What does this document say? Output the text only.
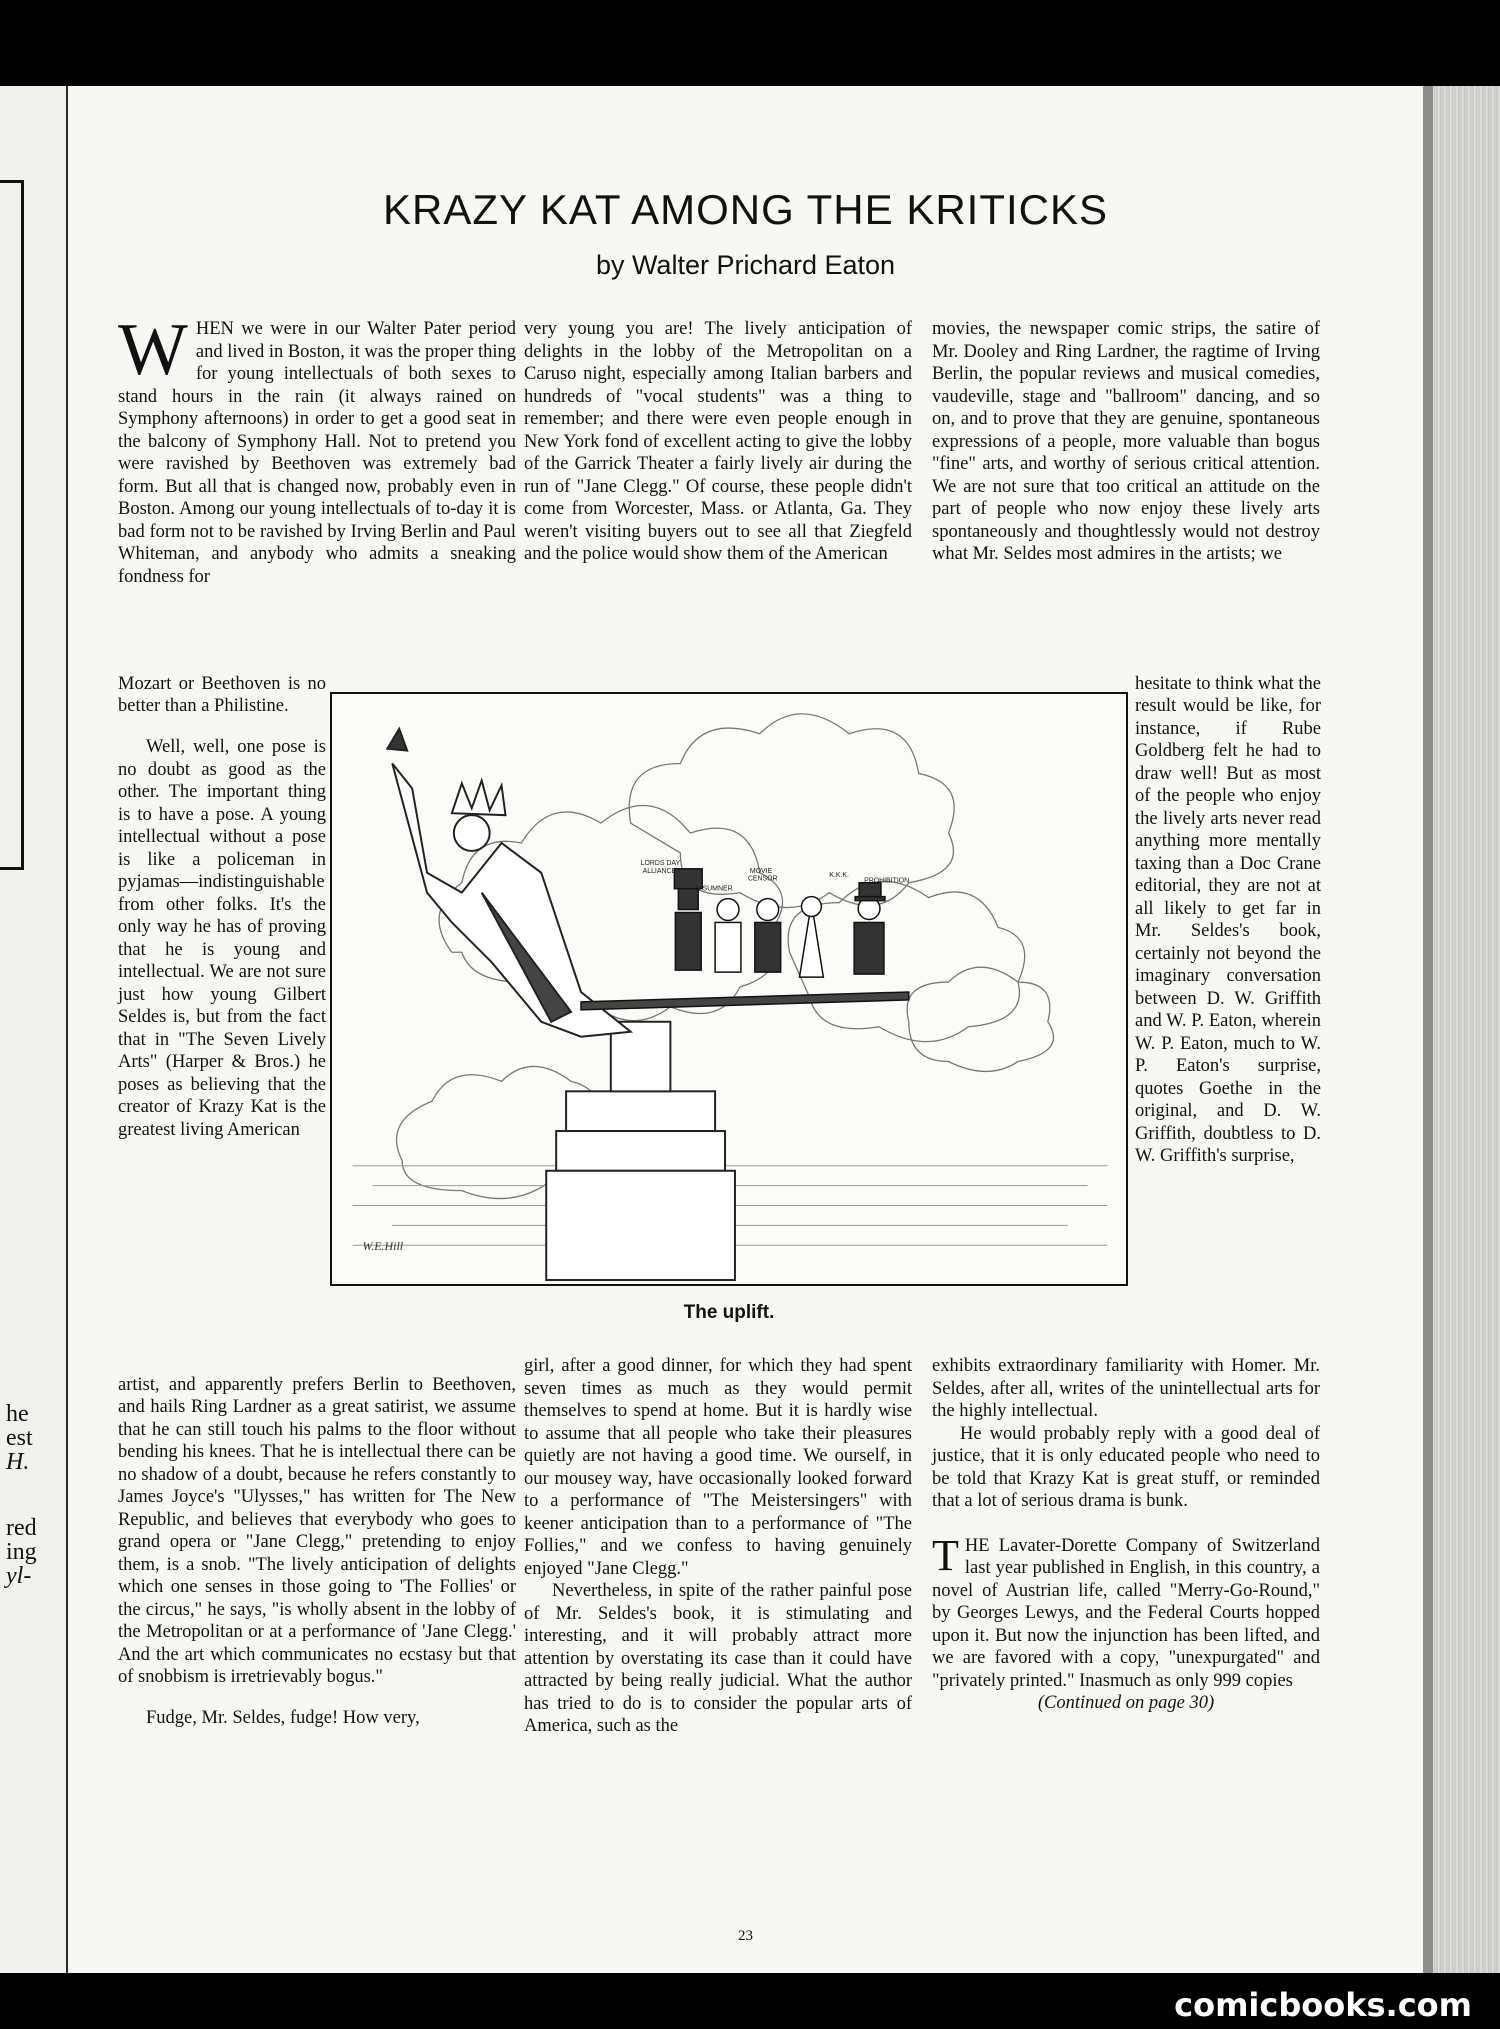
he
est
H.
red
ing
yl-
KRAZY KAT AMONG THE KRITICKS
by Walter Prichard Eaton

WHEN we were in our Walter Pater period and lived in Boston, it was the proper thing for young intellectuals of both sexes to stand hours in the rain (it always rained on Symphony afternoons) in order to get a good seat in the balcony of Symphony Hall. Not to pretend you were ravished by Beethoven was extremely bad form. But all that is changed now, probably even in Boston. Among our young intellectuals of to-day it is bad form not to be ravished by Irving Berlin and Paul Whiteman, and anybody who admits a sneaking fondness for

Mozart or Beethoven is no better than a Philistine.

Well, well, one pose is no doubt as good as the other. The important thing is to have a pose. A young intellectual without a pose is like a policeman in pyjamas—indistinguishable from other folks. It's the only way he has of proving that he is young and intellectual. We are not sure just how young Gilbert Seldes is, but from the fact that in "The Seven Lively Arts" (Harper & Bros.) he poses as believing that the creator of Krazy Kat is the greatest living American

artist, and apparently prefers Berlin to Beethoven, and hails Ring Lardner as a great satirist, we assume that he can still touch his palms to the floor without bending his knees. That he is intellectual there can be no shadow of a doubt, because he refers constantly to James Joyce's "Ulysses," has written for The New Republic, and believes that everybody who goes to grand opera or "Jane Clegg," pretending to enjoy them, is a snob. "The lively anticipation of delights which one senses in those going to 'The Follies' or the circus," he says, "is wholly absent in the lobby of the Metropolitan or at a performance of 'Jane Clegg.' And the art which communicates no ecstasy but that of snobbism is irretrievably bogus."

Fudge, Mr. Seldes, fudge! How very,

very young you are! The lively anticipation of delights in the lobby of the Metropolitan on a Caruso night, especially among Italian barbers and hundreds of "vocal students" was a thing to remember; and there were even people enough in New York fond of excellent acting to give the lobby of the Garrick Theater a fairly lively air during the run of "Jane Clegg." Of course, these people didn't come from Worcester, Mass. or Atlanta, Ga. They weren't visiting buyers out to see all that Ziegfeld and the police would show them of the American

girl, after a good dinner, for which they had spent seven times as much as they would permit themselves to spend at home. But it is hardly wise to assume that all people who take their pleasures quietly are not having a good time. We ourself, in our mousey way, have occasionally looked forward to a performance of "The Meistersingers" with keener anticipation than to a performance of "The Follies," and we confess to having genuinely enjoyed "Jane Clegg."

Nevertheless, in spite of the rather painful pose of Mr. Seldes's book, it is stimulating and interesting, and it will probably attract more attention by overstating its case than it could have attracted by being really judicial. What the author has tried to do is to consider the popular arts of America, such as the

movies, the newspaper comic strips, the satire of Mr. Dooley and Ring Lardner, the ragtime of Irving Berlin, the popular reviews and musical comedies, vaudeville, stage and "ballroom" dancing, and so on, and to prove that they are genuine, spontaneous expressions of a people, more valuable than bogus "fine" arts, and worthy of serious critical attention. We are not sure that too critical an attitude on the part of people who now enjoy these lively arts spontaneously and thoughtlessly would not destroy what Mr. Seldes most admires in the artists; we

hesitate to think what the result would be like, for instance, if Rube Goldberg felt he had to draw well! But as most of the people who enjoy the lively arts never read anything more mentally taxing than a Doc Crane editorial, they are not at all likely to get far in Mr. Seldes's book, certainly not beyond the imaginary conversation between D. W. Griffith and W. P. Eaton, wherein W. P. Eaton, much to W. P. Eaton's surprise, quotes Goethe in the original, and D. W. Griffith, doubtless to D. W. Griffith's surprise,

exhibits extraordinary familiarity with Homer. Mr. Seldes, after all, writes of the unintellectual arts for the highly intellectual.

He would probably reply with a good deal of justice, that it is only educated people who need to be told that Krazy Kat is great stuff, or reminded that a lot of serious drama is bunk.

THE Lavater-Dorette Company of Switzerland last year published in English, in this country, a novel of Austrian life, called "Merry-Go-Round," by Georges Lewys, and the Federal Courts hopped upon it. But now the injunction has been lifted, and we are favored with a copy, "unexpurgated" and "privately printed." Inasmuch as only 999 copies

(Continued on page 30)

LORDS DAY
ALLIANCE
J. SUMNER
MOVIE
CENSOR
K.K.K.
PROHIBITION
W.E.Hill
The uplift.
23
comicbooks.com
